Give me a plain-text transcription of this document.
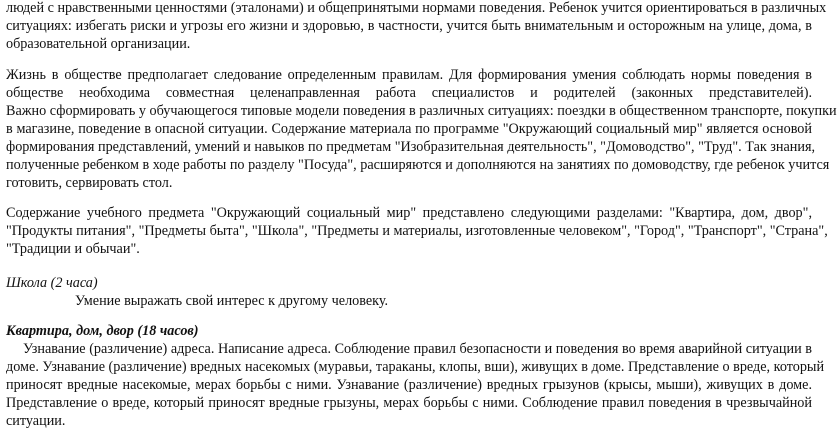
людей с нравственными ценностями (эталонами) и общепринятыми нормами поведения. Ребенок учится ориентироваться в различных
ситуациях: избегать риски и угрозы его жизни и здоровью, в частности, учится быть внимательным и осторожным на улице, дома, в
образовательной организации.
Жизнь в обществе предполагает следование определенным правилам. Для формирования умения соблюдать нормы поведения в
обществе необходима совместная целенаправленная работа специалистов и родителей (законных представителей).
Важно сформировать у обучающегося типовые модели поведения в различных ситуациях: поездки в общественном транспорте, покупки
в магазине, поведение в опасной ситуации. Содержание материала по программе "Окружающий социальный мир" является основой
формирования представлений, умений и навыков по предметам "Изобразительная деятельность", "Домоводство", "Труд". Так знания,
полученные ребенком в ходе работы по разделу "Посуда", расширяются и дополняются на занятиях по домоводству, где ребенок учится
готовить, сервировать стол.
Содержание учебного предмета "Окружающий социальный мир" представлено следующими разделами: "Квартира, дом, двор",
"Продукты питания", "Предметы быта", "Школа", "Предметы и материалы, изготовленные человеком", "Город", "Транспорт", "Страна",
"Традиции и обычаи".
Школа (2 часа)
Умение выражать свой интерес к другому человеку.
Квартира, дом, двор (18 часов)
Узнавание (различение) адреса. Написание адреса. Соблюдение правил безопасности и поведения во время аварийной ситуации в
доме. Узнавание (различение) вредных насекомых (муравьи, тараканы, клопы, вши), живущих в доме. Представление о вреде, который
приносят вредные насекомые, мерах борьбы с ними. Узнавание (различение) вредных грызунов (крысы, мыши), живущих в доме.
Представление о вреде, который приносят вредные грызуны, мерах борьбы с ними. Соблюдение правил поведения в чрезвычайной
ситуации.
